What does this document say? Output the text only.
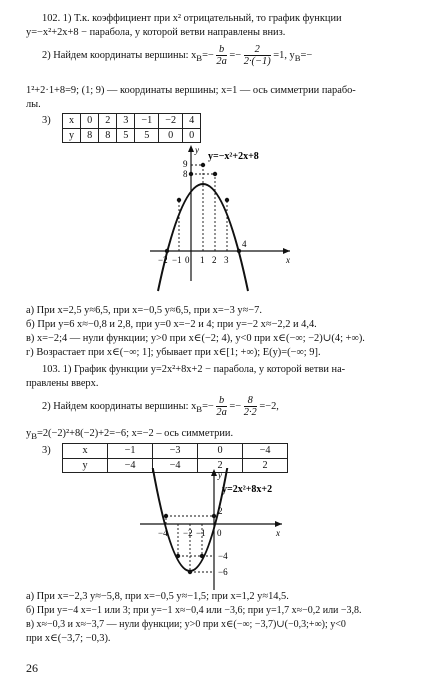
102. 1) Т.к. коэффициент при x² отрицательный, то график функции
y=−x²+2x+8 − парабола, у которой ветви направлены вниз.
2) Найдем координаты вершины: $x_B=- \frac{b}{2a} =- \frac{2}{2\cdot(-1)} =1$, $y_B=-$
1²+2·1+8=9; (1; 9) — координаты вершины; x=1 — ось симметрии парабо-
лы.
3) x	0	2	3	−1	−2	4
y	8	8	5	5	0	0
y=−x²+2x+8
−2 −1 1 2 3
4
8
9
0	x
y
а) При x=2,5 y≈6,5, при x=−0,5 y≈6,5, при x=−3 y≈−7.
б) При y=6 x≈−0,8 и 2,8, при y=0 x=−2 и 4; при y=−2 x≈−2,2 и 4,4.
в) x=−2;4 — нули функции; y>0 при x∈(−2; 4), y<0 при x∈(−∞; −2)∪(4; +∞).
г) Возрастает при x∈(−∞; 1]; убывает при x∈[1; +∞); E(y)=(−∞; 9].
103. 1) График функции y=2x²+8x+2 − парабола, у которой ветви на-
правлены вверх.
2) Найдем координаты вершины: $x_B=- \frac{b}{2a} =- \frac{8}{2\cdot 2} =-2$,
$y_B=2(-2)^2+8(-2)+2=-6$; x=−2 – ось симметрии.
3)	x	−1	−3	0	−4
y	−4	−4	2	2
y=2x²+8x+2
−4 −2 −1 0
2
−4
−6
x
y
а) При x=−2,3 y≈−5,8, при x=−0,5 y≈−1,5; при x=1,2 y≈14,5.
б) При y=−4 x=−1 или 3; при y=−1 x≈−0,4 или −3,6; при y=1,7 x≈−0,2 или −3,8.
в) x≈−0,3 и x≈−3,7 — нули функции; y>0 при x∈(−∞; −3,7)∪(−0,3;+∞); y<0
при x∈(−3,7; −0,3).
26
